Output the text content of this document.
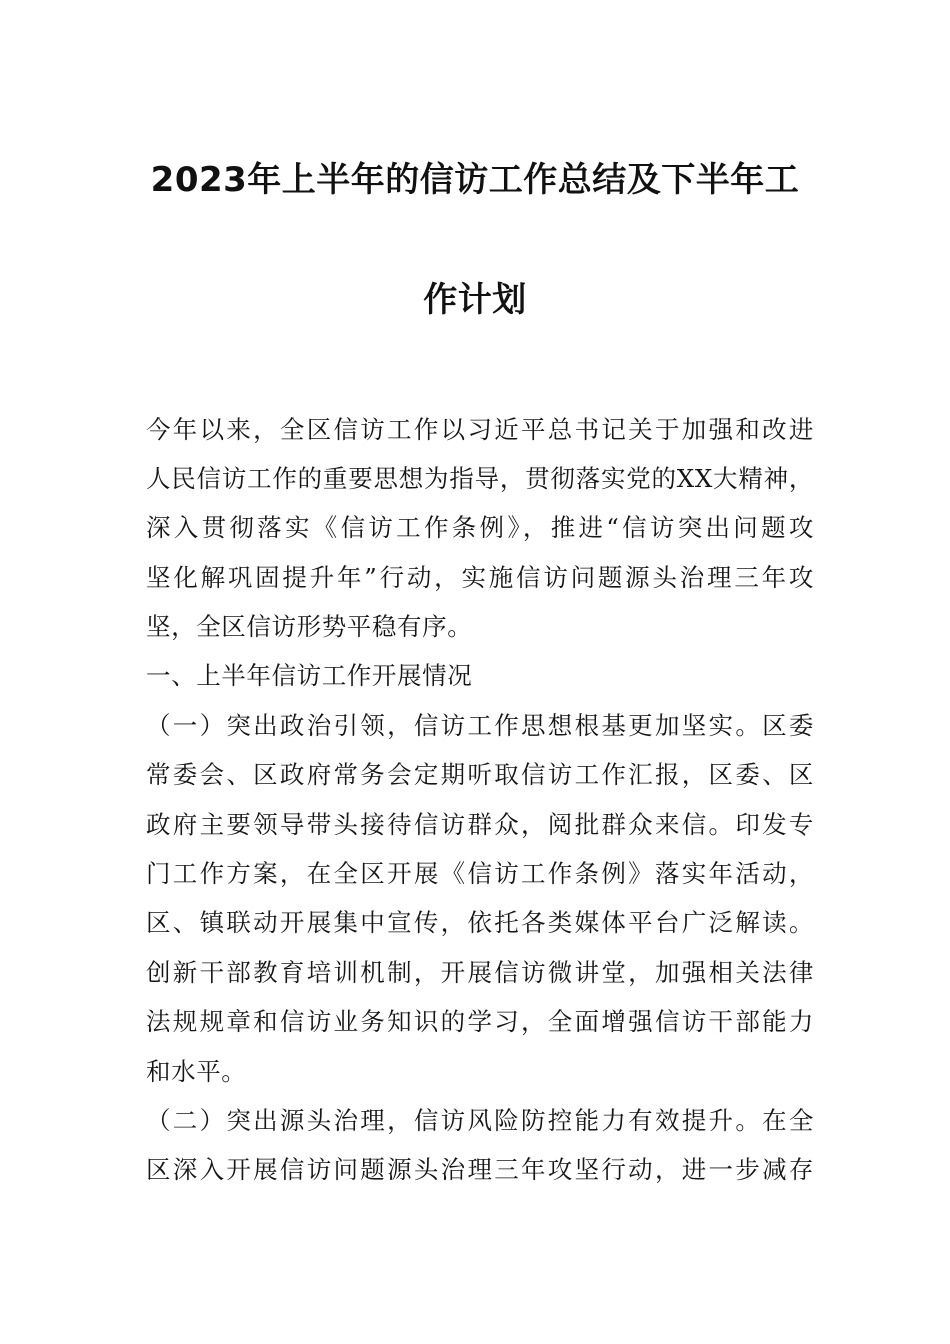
2023年上半年的信访工作总结及下半年工
作计划
今年以来，全区信访工作以习近平总书记关于加强和改进
人民信访工作的重要思想为指导，贯彻落实党的XX大精神，
深入贯彻落实《信访工作条例》，推进“信访突出问题攻
坚化解巩固提升年”行动，实施信访问题源头治理三年攻
坚，全区信访形势平稳有序。
一、上半年信访工作开展情况
（一）突出政治引领，信访工作思想根基更加坚实。区委
常委会、区政府常务会定期听取信访工作汇报，区委、区
政府主要领导带头接待信访群众，阅批群众来信。印发专
门工作方案，在全区开展《信访工作条例》落实年活动，
区、镇联动开展集中宣传，依托各类媒体平台广泛解读。
创新干部教育培训机制，开展信访微讲堂，加强相关法律
法规规章和信访业务知识的学习，全面增强信访干部能力
和水平。
（二）突出源头治理，信访风险防控能力有效提升。在全
区深入开展信访问题源头治理三年攻坚行动，进一步减存
